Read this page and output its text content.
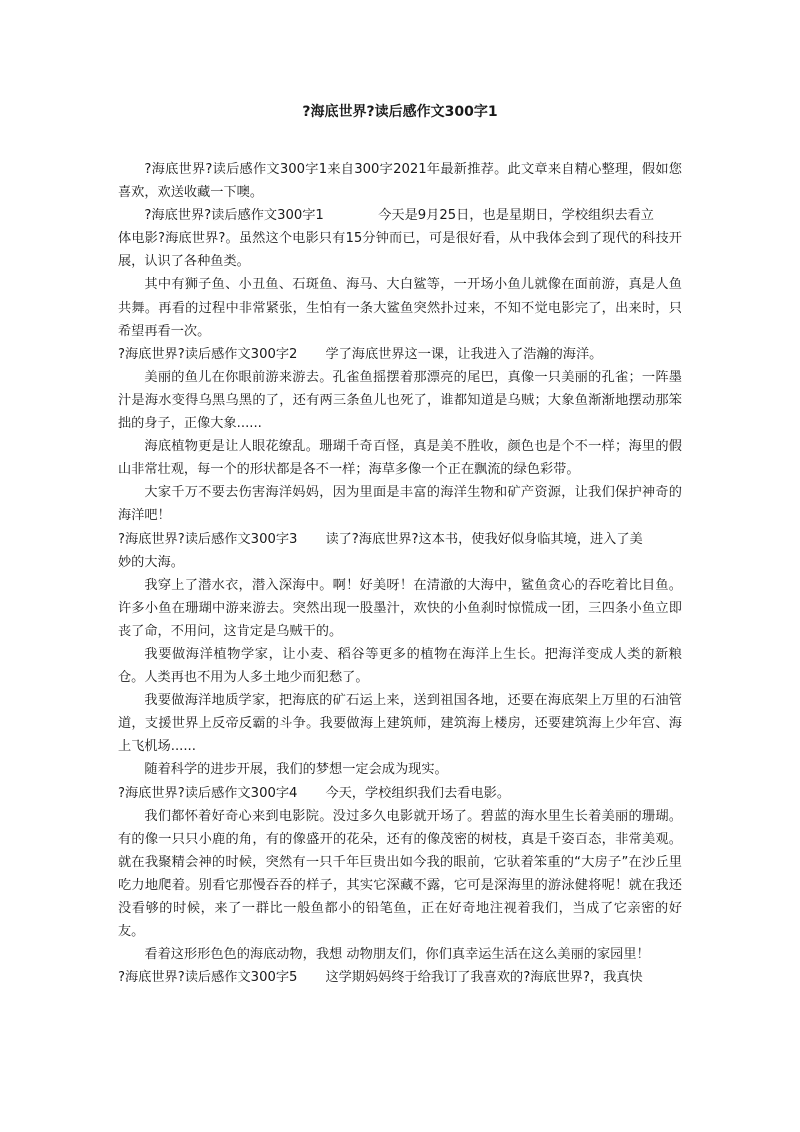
?海底世界?读后感作文300字1

?海底世界?读后感作文300字1来自300字2021年最新推荐。此文章来自精心整理，假如您喜欢，欢送收藏一下噢。

?海底世界?读后感作文300字1	今天是9月25日，也是星期日，学校组织去看立

体电影?海底世界?。虽然这个电影只有15分钟而已，可是很好看，从中我体会到了现代的科技开展，认识了各种鱼类。

其中有狮子鱼、小丑鱼、石斑鱼、海马、大白鲨等，一开场小鱼儿就像在面前游，真是人鱼共舞。再看的过程中非常紧张，生怕有一条大鲨鱼突然扑过来，不知不觉电影完了，出来时，只希望再看一次。

?海底世界?读后感作文300字2 学了海底世界这一课，让我进入了浩瀚的海洋。

美丽的鱼儿在你眼前游来游去。孔雀鱼摇摆着那漂亮的尾巴，真像一只美丽的孔雀；一阵墨汁是海水变得乌黑乌黑的了，还有两三条鱼儿也死了，谁都知道是乌贼；大象鱼渐渐地摆动那笨拙的身子，正像大象......

海底植物更是让人眼花缭乱。珊瑚千奇百怪，真是美不胜收，颜色也是个不一样；海里的假山非常壮观，每一个的形状都是各不一样；海草多像一个正在飘流的绿色彩带。

大家千万不要去伤害海洋妈妈，因为里面是丰富的海洋生物和矿产资源，让我们保护神奇的海洋吧！

?海底世界?读后感作文300字3 读了?海底世界?这本书，使我好似身临其境，进入了美

妙的大海。

我穿上了潜水衣，潜入深海中。啊！好美呀！在清澈的大海中，鲨鱼贪心的吞吃着比目鱼。许多小鱼在珊瑚中游来游去。突然出现一股墨汁，欢快的小鱼刹时惊慌成一团，三四条小鱼立即丧了命，不用问，这肯定是乌贼干的。

我要做海洋植物学家，让小麦、稻谷等更多的植物在海洋上生长。把海洋变成人类的新粮仓。人类再也不用为人多土地少而犯愁了。

我要做海洋地质学家，把海底的矿石运上来，送到祖国各地，还要在海底架上万里的石油管道，支援世界上反帝反霸的斗争。我要做海上建筑师，建筑海上楼房，还要建筑海上少年宫、海上飞机场......

随着科学的进步开展，我们的梦想一定会成为现实。

?海底世界?读后感作文300字4 今天，学校组织我们去看电影。

我们都怀着好奇心来到电影院。没过多久电影就开场了。碧蓝的海水里生长着美丽的珊瑚。有的像一只只小鹿的角，有的像盛开的花朵，还有的像茂密的树枝，真是千姿百态，非常美观。就在我聚精会神的时候，突然有一只千年巨贵出如今我的眼前，它驮着笨重的“大房子”在沙丘里吃力地爬着。别看它那慢吞吞的样子，其实它深藏不露，它可是深海里的游泳健将呢！就在我还没看够的时候，来了一群比一般鱼都小的铅笔鱼，正在好奇地注视着我们，当成了它亲密的好友。

看着这形形色色的海底动物，我想 动物朋友们，你们真幸运生活在这么美丽的家园里！

?海底世界?读后感作文300字5 这学期妈妈终于给我订了我喜欢的?海底世界?，我真快
